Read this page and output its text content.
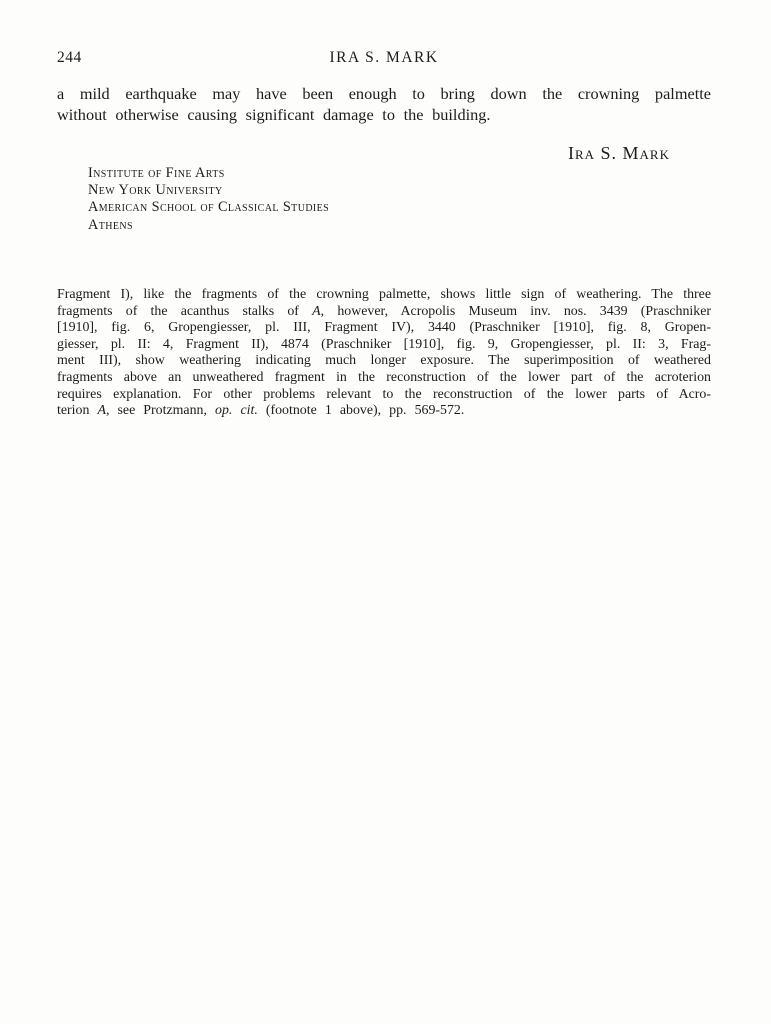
244	IRA S. MARK
a mild earthquake may have been enough to bring down the crowning palmette
without otherwise causing significant damage to the building.
Ira S. Mark
Institute of Fine Arts
New York University
American School of Classical Studies
Athens
Fragment I), like the fragments of the crowning palmette, shows little sign of weathering. The three
fragments of the acanthus stalks of A, however, Acropolis Museum inv. nos. 3439 (Praschniker
[1910], fig. 6, Gropengiesser, pl. III, Fragment IV), 3440 (Praschniker [1910], fig. 8, Gropen-
giesser, pl. II: 4, Fragment II), 4874 (Praschniker [1910], fig. 9, Gropengiesser, pl. II: 3, Frag-
ment III), show weathering indicating much longer exposure. The superimposition of weathered
fragments above an unweathered fragment in the reconstruction of the lower part of the acroterion
requires explanation. For other problems relevant to the reconstruction of the lower parts of Acro-
terion A, see Protzmann, op. cit. (footnote 1 above), pp. 569-572.
